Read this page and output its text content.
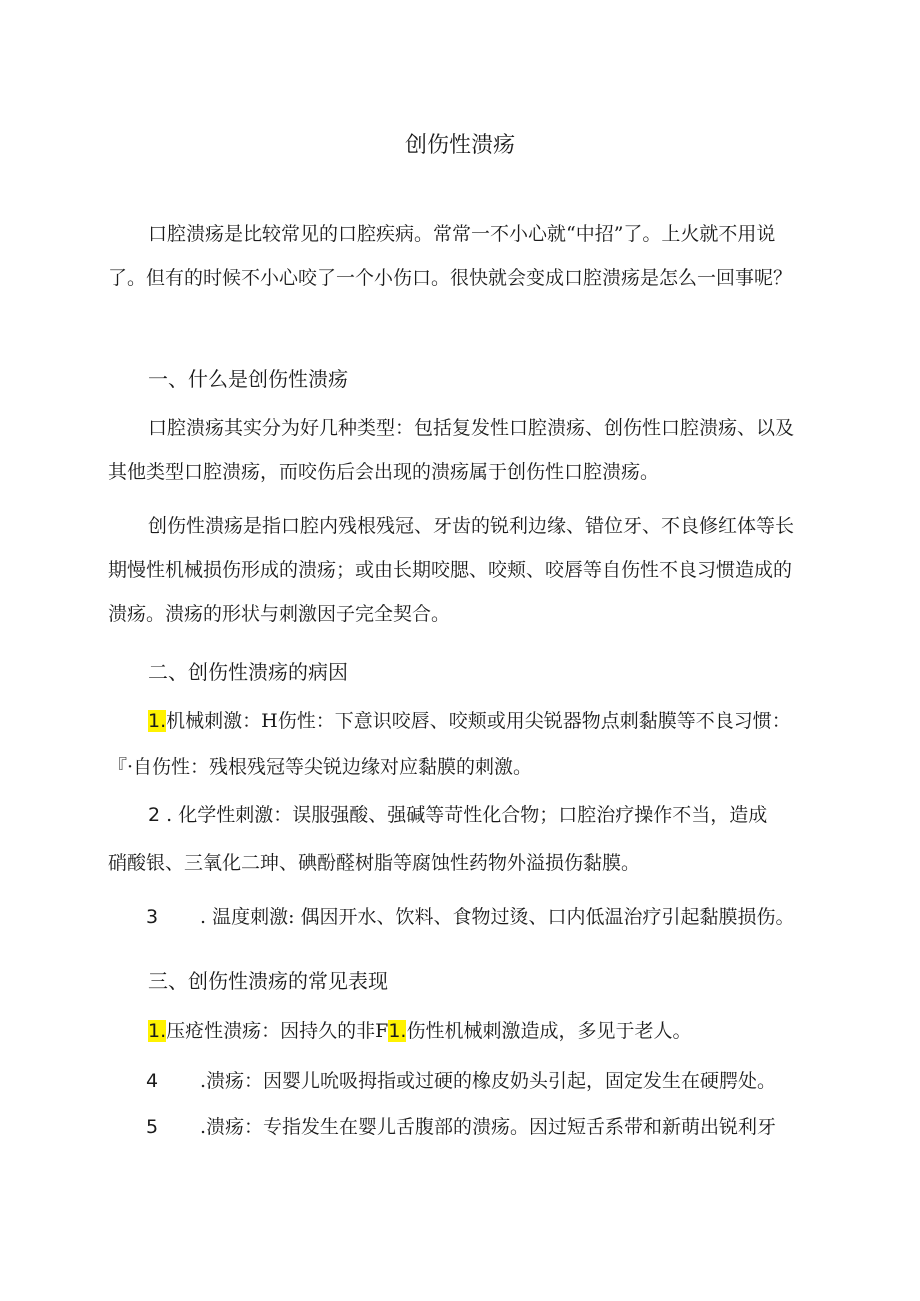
创伤性溃疡
口腔溃疡是比较常见的口腔疾病。常常一不小心就“中招”了。上火就不用说了。但有的时候不小心咬了一个小伤口。很快就会变成口腔溃疡是怎么一回事呢？
一、什么是创伤性溃疡
口腔溃疡其实分为好几种类型：包括复发性口腔溃疡、创伤性口腔溃疡、以及其他类型口腔溃疡，而咬伤后会出现的溃疡属于创伤性口腔溃疡。
创伤性溃疡是指口腔内残根残冠、牙齿的锐利边缘、错位牙、不良修红体等长期慢性机械损伤形成的溃疡；或由长期咬腮、咬颊、咬唇等自伤性不良习惯造成的溃疡。溃疡的形状与刺激因子完全契合。
二、创伤性溃疡的病因
1.机械刺激：H伤性：下意识咬唇、咬颊或用尖锐器物点刺黏膜等不良习惯：
『·自伤性：残根残冠等尖锐边缘对应黏膜的刺激。
2 . 化学性刺激：误服强酸、强碱等苛性化合物；口腔治疗操作不当，造成
硝酸银、三氧化二珅、碘酚醛树脂等腐蚀性药物外溢损伤黏膜。
3 . 温度刺激: 偶因开水、饮料、食物过烫、口内低温治疗引起黏膜损伤。
三、创伤性溃疡的常见表现
1.压疮性溃疡：因持久的非F1.伤性机械刺激造成，多见于老人。
4 .溃疡：因婴儿吮吸拇指或过硬的橡皮奶头引起，固定发生在硬腭处。
5 .溃疡：专指发生在婴儿舌腹部的溃疡。因过短舌系带和新萌出锐利牙
